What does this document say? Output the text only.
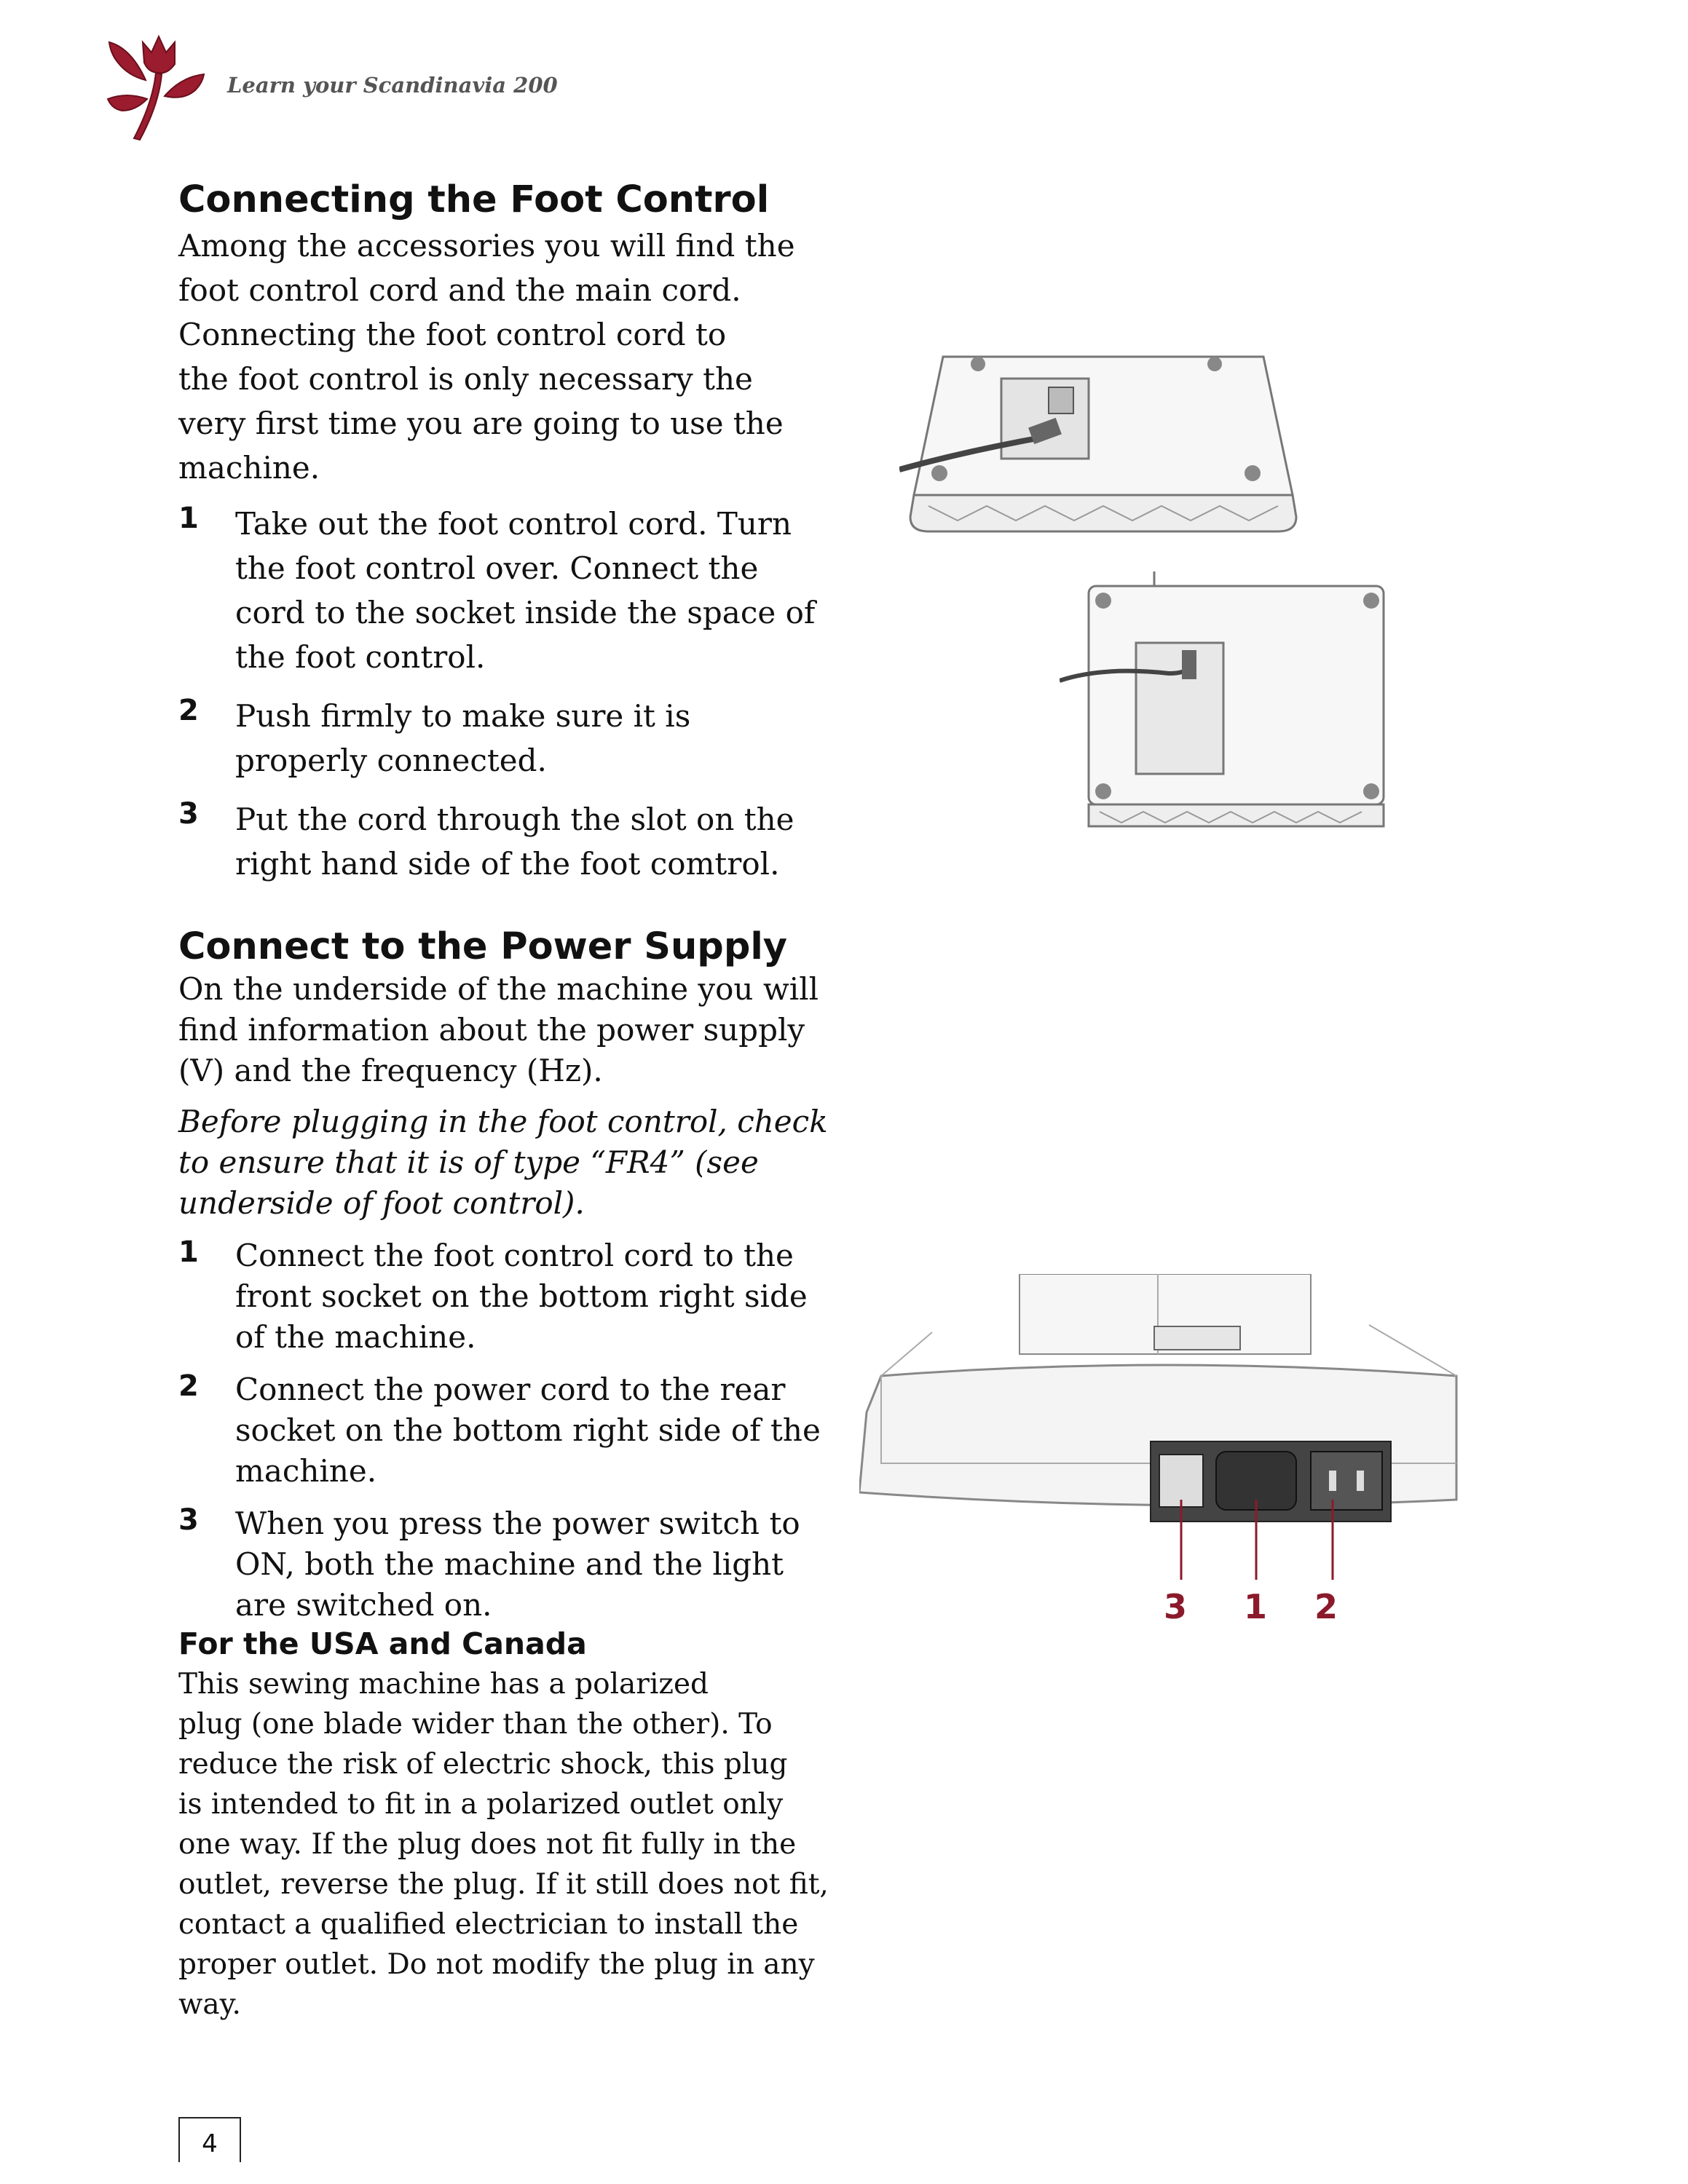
Learn your Scandinavia 200
Connecting the Foot Control

Among the accessories you will find the
foot control cord and the main cord.
Connecting the foot control cord to
the foot control is only necessary the
very first time you are going to use the
machine.

1 Take out the foot control cord. Turn
the foot control over. Connect the
cord to the socket inside the space of
the foot control.

2 Push firmly to make sure it is
properly connected.

3 Put the cord through the slot on the
right hand side of the foot comtrol.

Connect to the Power Supply

On the underside of the machine you will
find information about the power supply
(V) and the frequency (Hz).

Before plugging in the foot control, check
to ensure that it is of type “FR4” (see
underside of foot control).

1 Connect the foot control cord to the
front socket on the bottom right side
of the machine.

2 Connect the power cord to the rear
socket on the bottom right side of the
machine.

3 When you press the power switch to
ON, both the machine and the light
are switched on.

For the USA and Canada

This sewing machine has a polarized
plug (one blade wider than the other). To
reduce the risk of electric shock, this plug
is intended to fit in a polarized outlet only
one way. If the plug does not fit fully in the
outlet, reverse the plug. If it still does not fit,
contact a qualified electrician to install the
proper outlet. Do not modify the plug in any
way.

4
3 1 2
